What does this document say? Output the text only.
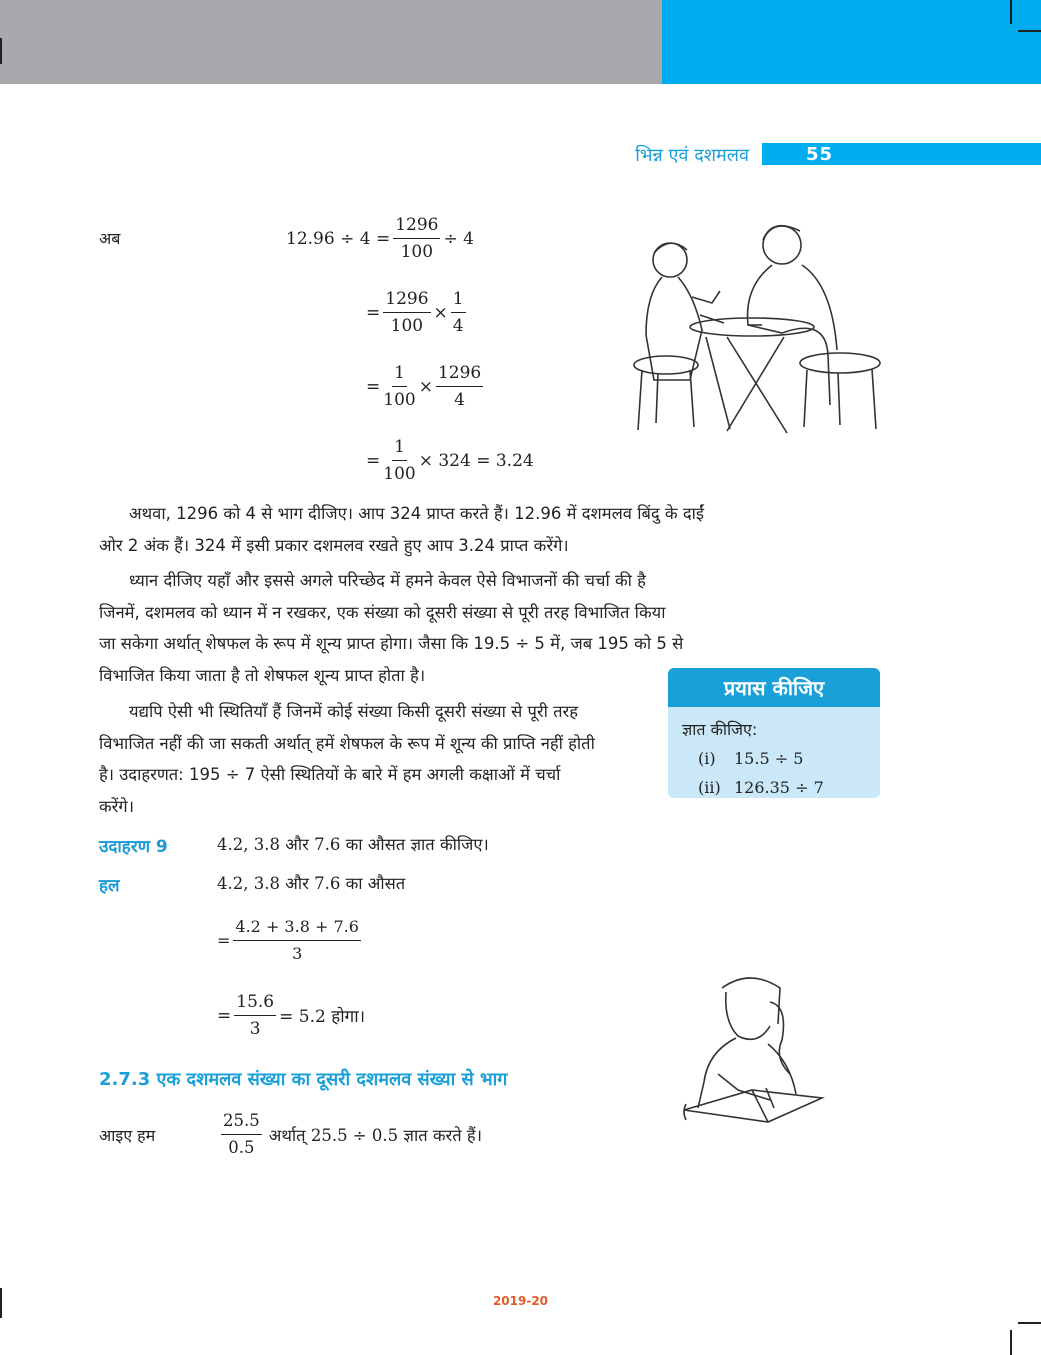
भिन्न एवं दशमलव	55
अब	$12.96 \div 4 = \frac{1296}{100} \div 4$
= $\frac{1296}{100} \times \frac{1}{4}$
= $\frac{1}{100} \times \frac{1296}{4}$
= $\frac{1}{100} \times 324 = 3.24$
अथवा, 1296 को 4 से भाग दीजिए। आप 324 प्राप्त करते हैं। 12.96 में दशमलव बिंदु के दाईं
ओर 2 अंक हैं। 324 में इसी प्रकार दशमलव रखते हुए आप 3.24 प्राप्त करेंगे।
ध्यान दीजिए यहाँ और इससे अगले परिच्छेद में हमने केवल ऐसे विभाजनों की चर्चा की है
जिनमें, दशमलव को ध्यान में न रखकर, एक संख्या को दूसरी संख्या से पूरी तरह विभाजित किया
जा सकेगा अर्थात् शेषफल के रूप में शून्य प्राप्त होगा। जैसा कि 19.5 ÷ 5 में, जब 195 को 5 से
विभाजित किया जाता है तो शेषफल शून्य प्राप्त होता है।
यद्यपि ऐसी भी स्थितियाँ हैं जिनमें कोई संख्या किसी दूसरी संख्या से पूरी तरह
विभाजित नहीं की जा सकती अर्थात् हमें शेषफल के रूप में शून्य की प्राप्ति नहीं होती
है। उदाहरणत: 195 ÷ 7 ऐसी स्थितियों के बारे में हम अगली कक्षाओं में चर्चा
करेंगे।
प्रयास कीजिए
ज्ञात कीजिए:
(i) 15.5 ÷ 5
(ii) 126.35 ÷ 7
उदाहरण 9	4.2, 3.8 और 7.6 का औसत ज्ञात कीजिए।
हल	4.2, 3.8 और 7.6 का औसत
= $\frac{4.2 + 3.8 + 7.6}{3}$
= $\frac{15.6}{3} = 5.2$ होगा।
2.7.3 एक दशमलव संख्या का दूसरी दशमलव संख्या से भाग
आइए हम	$\frac{25.5}{0.5}$ अर्थात् 25.5 ÷ 0.5 ज्ञात करते हैं।
2019-20
